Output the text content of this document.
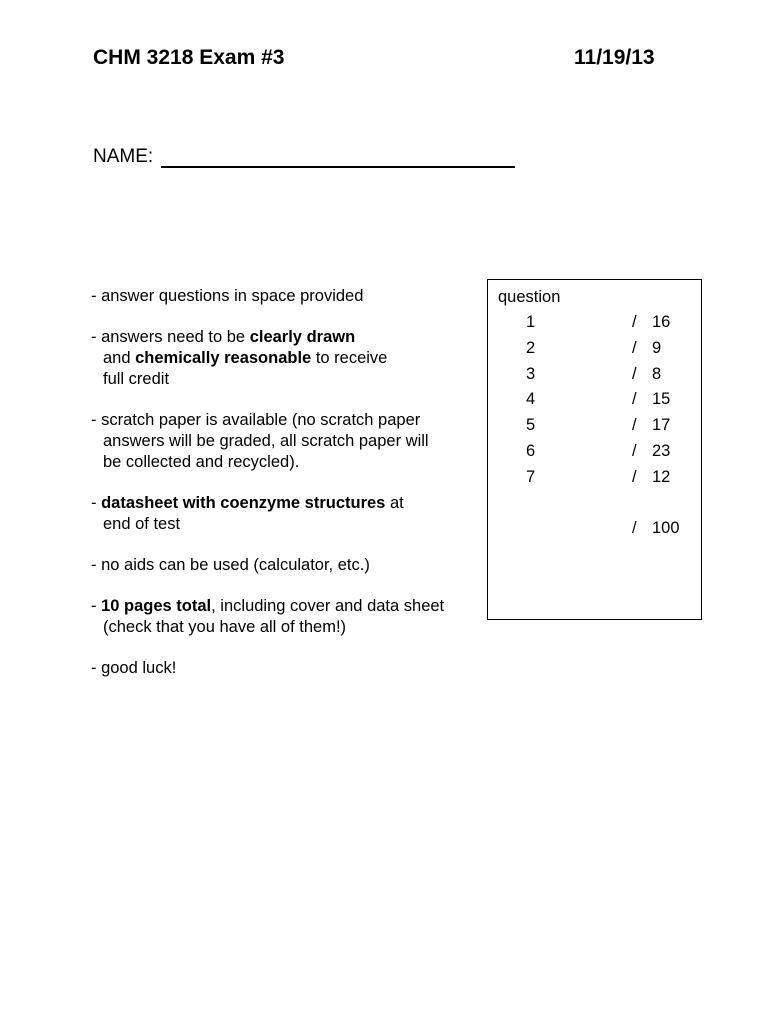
CHM 3218 Exam #3	11/19/13
NAME:
- answer questions in space provided
- answers need to be clearly drawn
and chemically reasonable to receive
full credit
- scratch paper is available (no scratch paper
answers will be graded, all scratch paper will
be collected and recycled).
- datasheet with coenzyme structures at
end of test
- no aids can be used (calculator, etc.)
- 10 pages total, including cover and data sheet
(check that you have all of them!)
- good luck!
question
1	/ 16
2	/ 9
3	/ 8
4	/ 15
5	/ 17
6	/ 23
7	/ 12
/ 100
